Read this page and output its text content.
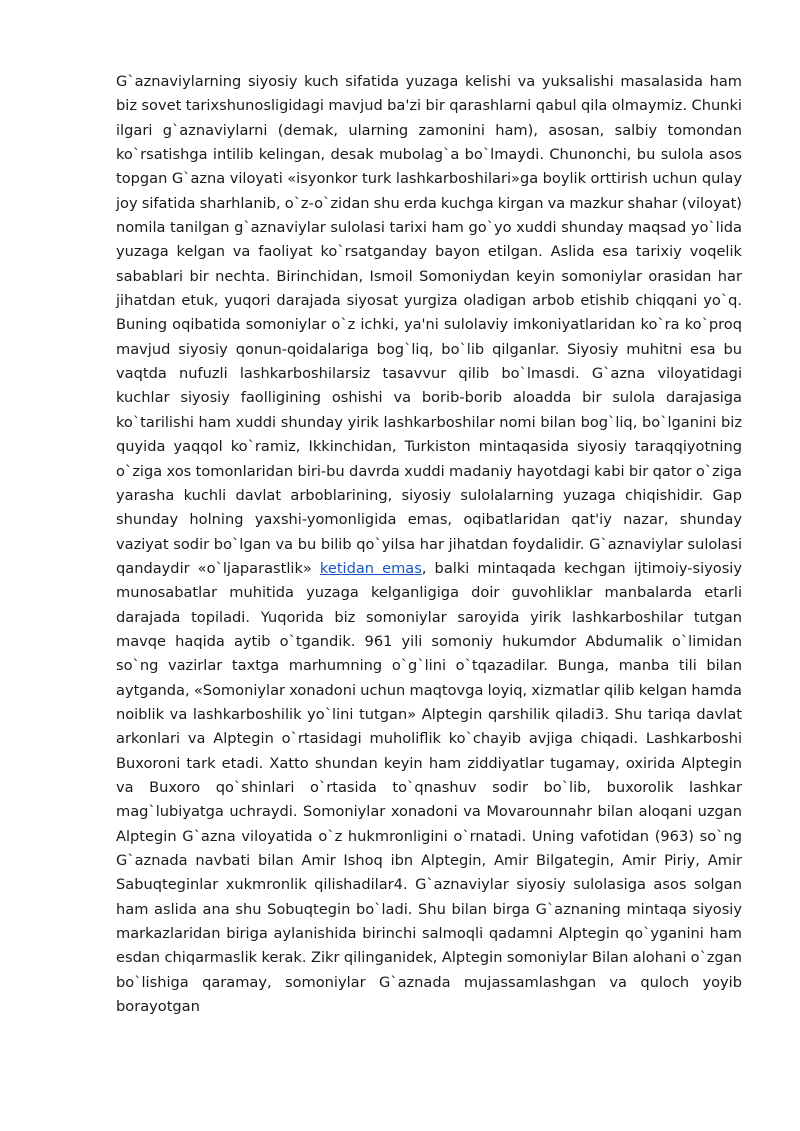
G`aznaviylarning siyosiy kuch sifatida yuzaga kelishi va yuksalishi masalasida ham biz sovet tarixshunosligidagi mavjud ba'zi bir qarashlarni qabul qila olmaymiz. Chunki ilgari g`aznaviylarni (demak, ularning zamonini ham), asosan, salbiy tomondan ko`rsatishga intilib kelingan, desak mubolag`a bo`lmaydi. Chunonchi, bu sulola asos topgan G`azna viloyati «isyonkor turk lashkarboshilari»ga boylik orttirish uchun qulay joy sifatida sharhlanib, o`z-o`zidan shu erda kuchga kirgan va mazkur shahar (viloyat) nomila tanilgan g`aznaviylar sulolasi tarixi ham go`yo xuddi shunday maqsad yo`lida yuzaga kelgan va faoliyat ko`rsatganday bayon etilgan. Aslida esa tarixiy voqelik sabablari bir nechta. Birinchidan, Ismoil Somoniydan keyin somoniylar orasidan har jihatdan etuk, yuqori darajada siyosat yurgiza oladigan arbob etishib chiqqani yo`q. Buning oqibatida somoniylar o`z ichki, ya'ni sulolaviy imkoniyatlaridan ko`ra ko`proq mavjud siyosiy qonun-qoidalariga bog`liq, bo`lib qilganlar. Siyosiy muhitni esa bu vaqtda nufuzli lashkarboshilarsiz tasavvur qilib bo`lmasdi. G`azna viloyatidagi kuchlar siyosiy faolligining oshishi va borib-borib aloadda bir sulola darajasiga ko`tarilishi ham xuddi shunday yirik lashkarboshilar nomi bilan bog`liq, bo`lganini biz quyida yaqqol ko`ramiz, Ikkinchidan, Turkiston mintaqasida siyosiy taraqqiyotning o`ziga xos tomonlaridan biri-bu davrda xuddi madaniy hayotdagi kabi bir qator o`ziga yarasha kuchli davlat arboblarining, siyosiy sulolalarning yuzaga chiqishidir. Gap shunday holning yaxshi-yomonligida emas, oqibatlaridan qat'iy nazar, shunday vaziyat sodir bo`lgan va bu bilib qo`yilsa har jihatdan foydalidir. G`aznaviylar sulolasi qandaydir «o`ljaparastlik» ketidan emas, balki mintaqada kechgan ijtimoiy-siyosiy munosabatlar muhitida yuzaga kelganligiga doir guvohliklar manbalarda etarli darajada topiladi. Yuqorida biz somoniylar saroyida yirik lashkarboshilar tutgan mavqe haqida aytib o`tgandik. 961 yili somoniy hukumdor Abdumalik o`limidan so`ng vazirlar taxtga marhumning o`g`lini o`tqazadilar. Bunga, manba tili bilan aytganda, «Somoniylar xonadoni uchun maqtovga loyiq, xizmatlar qilib kelgan hamda noiblik va lashkarboshilik yo`lini tutgan» Alptegin qarshilik qiladi3. Shu tariqa davlat arkonlari va Alptegin o`rtasidagi muholiflik ko`chayib avjiga chiqadi. Lashkarboshi Buxoroni tark etadi. Xatto shundan keyin ham ziddiyatlar tugamay, oxirida Alptegin va Buxoro qo`shinlari o`rtasida to`qnashuv sodir bo`lib, buxorolik lashkar mag`lubiyatga uchraydi. Somoniylar xonadoni va Movarounnahr bilan aloqani uzgan Alptegin G`azna viloyatida o`z hukmronligini o`rnatadi. Uning vafotidan (963) so`ng G`aznada navbati bilan Amir Ishoq ibn Alptegin, Amir Bilgategin, Amir Piriy, Amir Sabuqteginlar xukmronlik qilishadilar4. G`aznaviylar siyosiy sulolasiga asos solgan ham aslida ana shu Sobuqtegin bo`ladi. Shu bilan birga G`aznaning mintaqa siyosiy markazlaridan biriga aylanishida birinchi salmoqli qadamni Alptegin qo`yganini ham esdan chiqarmaslik kerak. Zikr qilinganidek, Alptegin somoniylar Bilan alohani o`zgan bo`lishiga qaramay, somoniylar G`aznada mujassamlashgan va quloch yoyib borayotgan
